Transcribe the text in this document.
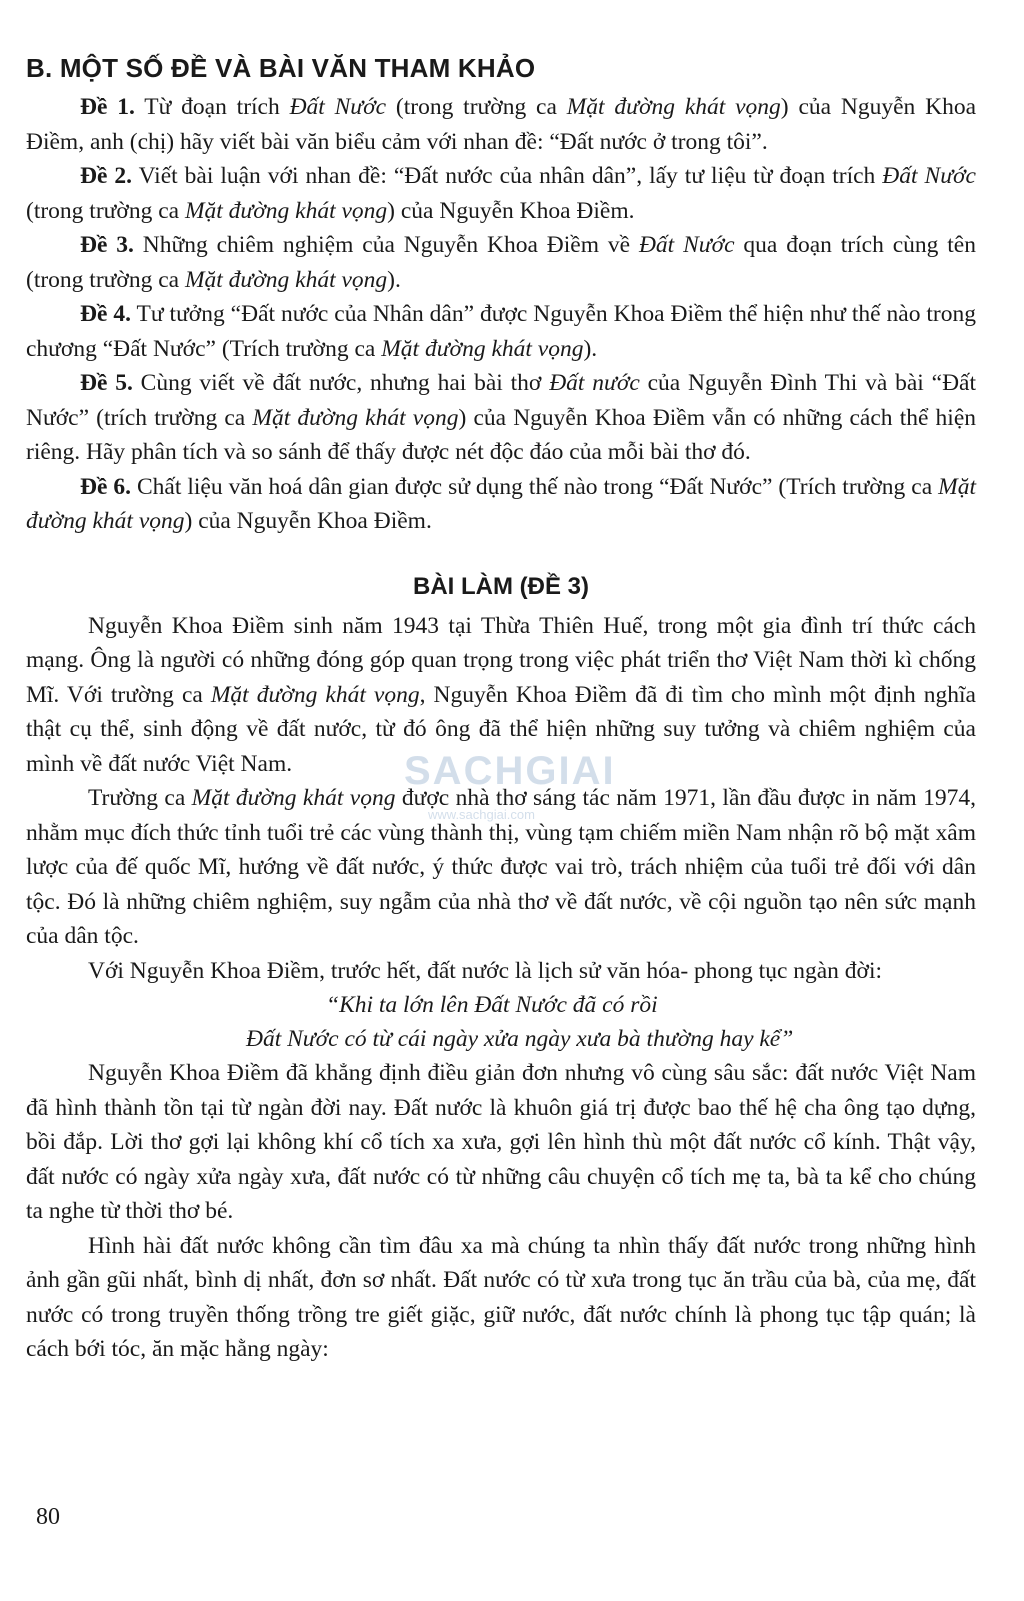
SACHGIAI
www.sachgiai.com
B. MỘT SỐ ĐỀ VÀ BÀI VĂN THAM KHẢO

Đề 1. Từ đoạn trích Đất Nước (trong trường ca Mặt đường khát vọng) của Nguyễn Khoa Điềm, anh (chị) hãy viết bài văn biểu cảm với nhan đề: “Đất nước ở trong tôi”.

Đề 2. Viết bài luận với nhan đề: “Đất nước của nhân dân”, lấy tư liệu từ đoạn trích Đất Nước (trong trường ca Mặt đường khát vọng) của Nguyễn Khoa Điềm.

Đề 3. Những chiêm nghiệm của Nguyễn Khoa Điềm về Đất Nước qua đoạn trích cùng tên (trong trường ca Mặt đường khát vọng).

Đề 4. Tư tưởng “Đất nước của Nhân dân” được Nguyễn Khoa Điềm thể hiện như thế nào trong chương “Đất Nước” (Trích trường ca Mặt đường khát vọng).

Đề 5. Cùng viết về đất nước, nhưng hai bài thơ Đất nước của Nguyễn Đình Thi và bài “Đất Nước” (trích trường ca Mặt đường khát vọng) của Nguyễn Khoa Điềm vẫn có những cách thể hiện riêng. Hãy phân tích và so sánh để thấy được nét độc đáo của mỗi bài thơ đó.

Đề 6. Chất liệu văn hoá dân gian được sử dụng thế nào trong “Đất Nước” (Trích trường ca Mặt đường khát vọng) của Nguyễn Khoa Điềm.

BÀI LÀM (ĐỀ 3)

Nguyễn Khoa Điềm sinh năm 1943 tại Thừa Thiên Huế, trong một gia đình trí thức cách mạng. Ông là người có những đóng góp quan trọng trong việc phát triển thơ Việt Nam thời kì chống Mĩ. Với trường ca Mặt đường khát vọng, Nguyễn Khoa Điềm đã đi tìm cho mình một định nghĩa thật cụ thể, sinh động về đất nước, từ đó ông đã thể hiện những suy tưởng và chiêm nghiệm của mình về đất nước Việt Nam.

Trường ca Mặt đường khát vọng được nhà thơ sáng tác năm 1971, lần đầu được in năm 1974, nhằm mục đích thức tỉnh tuổi trẻ các vùng thành thị, vùng tạm chiếm miền Nam nhận rõ bộ mặt xâm lược của đế quốc Mĩ, hướng về đất nước, ý thức được vai trò, trách nhiệm của tuổi trẻ đối với dân tộc. Đó là những chiêm nghiệm, suy ngẫm của nhà thơ về đất nước, về cội nguồn tạo nên sức mạnh của dân tộc.

Với Nguyễn Khoa Điềm, trước hết, đất nước là lịch sử văn hóa- phong tục ngàn đời:

“Khi ta lớn lên Đất Nước đã có rồi
Đất Nước có từ cái ngày xửa ngày xưa bà thường hay kể”

Nguyễn Khoa Điềm đã khẳng định điều giản đơn nhưng vô cùng sâu sắc: đất nước Việt Nam đã hình thành tồn tại từ ngàn đời nay. Đất nước là khuôn giá trị được bao thế hệ cha ông tạo dựng, bồi đắp. Lời thơ gợi lại không khí cổ tích xa xưa, gợi lên hình thù một đất nước cổ kính. Thật vậy, đất nước có ngày xửa ngày xưa, đất nước có từ những câu chuyện cổ tích mẹ ta, bà ta kể cho chúng ta nghe từ thời thơ bé.

Hình hài đất nước không cần tìm đâu xa mà chúng ta nhìn thấy đất nước trong những hình ảnh gần gũi nhất, bình dị nhất, đơn sơ nhất. Đất nước có từ xưa trong tục ăn trầu của bà, của mẹ, đất nước có trong truyền thống trồng tre giết giặc, giữ nước, đất nước chính là phong tục tập quán; là cách bới tóc, ăn mặc hằng ngày:

80
